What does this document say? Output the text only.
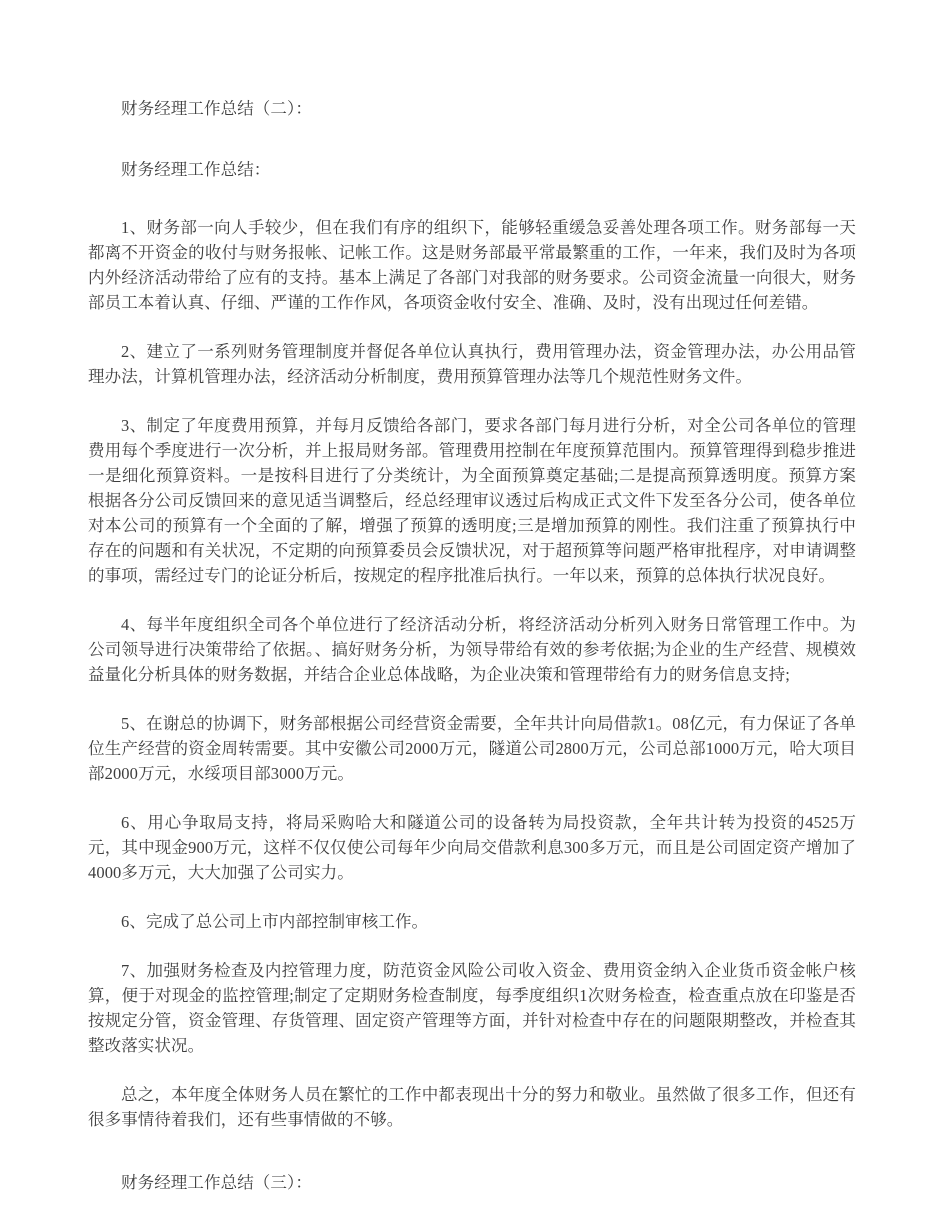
财务经理工作总结（二）：

财务经理工作总结：

1、财务部一向人手较少，但在我们有序的组织下，能够轻重缓急妥善处理各项工作。财务部每一天都离不开资金的收付与财务报帐、记帐工作。这是财务部最平常最繁重的工作，一年来，我们及时为各项内外经济活动带给了应有的支持。基本上满足了各部门对我部的财务要求。公司资金流量一向很大，财务部员工本着认真、仔细、严谨的工作作风，各项资金收付安全、准确、及时，没有出现过任何差错。

2、建立了一系列财务管理制度并督促各单位认真执行，费用管理办法，资金管理办法，办公用品管理办法，计算机管理办法，经济活动分析制度，费用预算管理办法等几个规范性财务文件。

3、制定了年度费用预算，并每月反馈给各部门，要求各部门每月进行分析，对全公司各单位的管理费用每个季度进行一次分析，并上报局财务部。管理费用控制在年度预算范围内。预算管理得到稳步推进一是细化预算资料。一是按科目进行了分类统计，为全面预算奠定基础;二是提高预算透明度。预算方案根据各分公司反馈回来的意见适当调整后，经总经理审议透过后构成正式文件下发至各分公司，使各单位对本公司的预算有一个全面的了解，增强了预算的透明度;三是增加预算的刚性。我们注重了预算执行中存在的问题和有关状况，不定期的向预算委员会反馈状况，对于超预算等问题严格审批程序，对申请调整的事项，需经过专门的论证分析后，按规定的程序批准后执行。一年以来，预算的总体执行状况良好。

4、每半年度组织全司各个单位进行了经济活动分析，将经济活动分析列入财务日常管理工作中。为公司领导进行决策带给了依据。、搞好财务分析，为领导带给有效的参考依据;为企业的生产经营、规模效益量化分析具体的财务数据，并结合企业总体战略，为企业决策和管理带给有力的财务信息支持;

5、在谢总的协调下，财务部根据公司经营资金需要，全年共计向局借款1。08亿元，有力保证了各单位生产经营的资金周转需要。其中安徽公司2000万元，隧道公司2800万元，公司总部1000万元，哈大项目部2000万元，水绥项目部3000万元。

6、用心争取局支持，将局采购哈大和隧道公司的设备转为局投资款，全年共计转为投资的4525万元，其中现金900万元，这样不仅仅使公司每年少向局交借款利息300多万元，而且是公司固定资产增加了4000多万元，大大加强了公司实力。

6、完成了总公司上市内部控制审核工作。

7、加强财务检查及内控管理力度，防范资金风险公司收入资金、费用资金纳入企业货币资金帐户核算，便于对现金的监控管理;制定了定期财务检查制度，每季度组织1次财务检查，检查重点放在印鉴是否按规定分管，资金管理、存货管理、固定资产管理等方面，并针对检查中存在的问题限期整改，并检查其整改落实状况。

总之，本年度全体财务人员在繁忙的工作中都表现出十分的努力和敬业。虽然做了很多工作，但还有很多事情待着我们，还有些事情做的不够。

财务经理工作总结（三）：
